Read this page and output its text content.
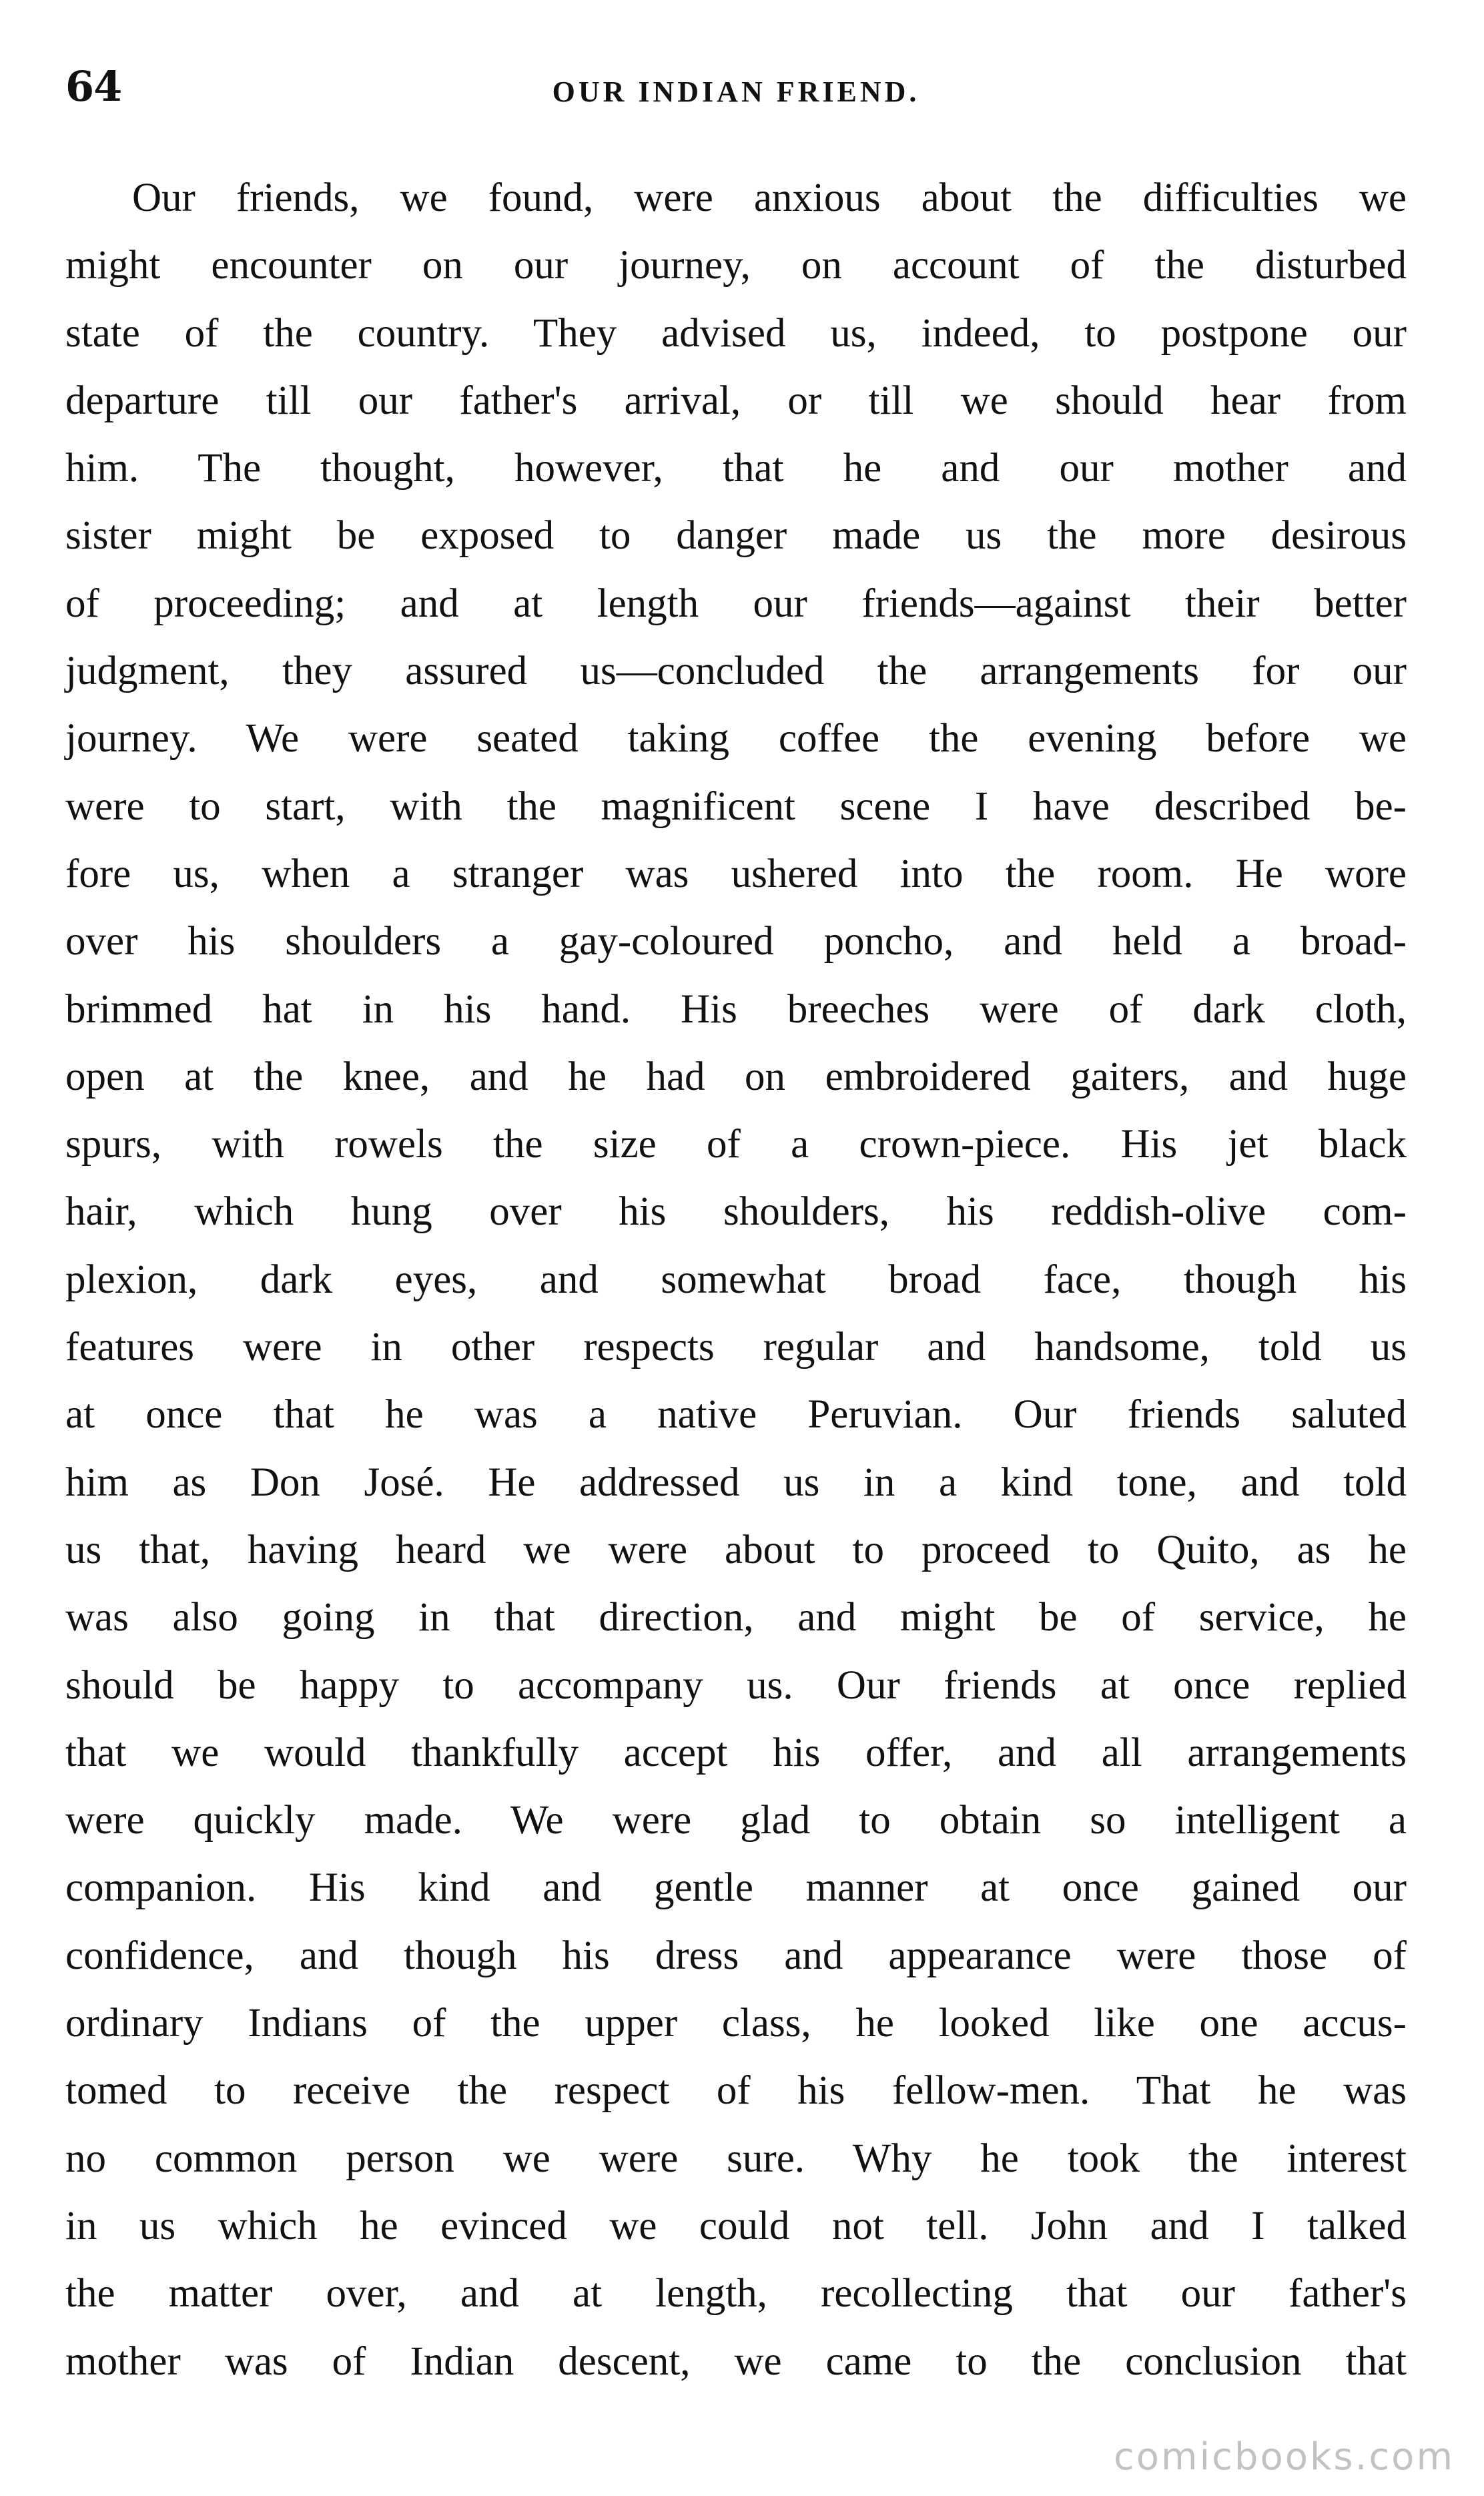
64	OUR INDIAN FRIEND.
Our friends, we found, were anxious about the difficulties we
might encounter on our journey, on account of the disturbed
state of the country. They advised us, indeed, to postpone our
departure till our father's arrival, or till we should hear from
him. The thought, however, that he and our mother and
sister might be exposed to danger made us the more desirous
of proceeding; and at length our friends—against their better
judgment, they assured us—concluded the arrangements for our
journey. We were seated taking coffee the evening before we
were to start, with the magnificent scene I have described be-
fore us, when a stranger was ushered into the room. He wore
over his shoulders a gay-coloured poncho, and held a broad-
brimmed hat in his hand. His breeches were of dark cloth,
open at the knee, and he had on embroidered gaiters, and huge
spurs, with rowels the size of a crown-piece. His jet black
hair, which hung over his shoulders, his reddish-olive com-
plexion, dark eyes, and somewhat broad face, though his
features were in other respects regular and handsome, told us
at once that he was a native Peruvian. Our friends saluted
him as Don José. He addressed us in a kind tone, and told
us that, having heard we were about to proceed to Quito, as he
was also going in that direction, and might be of service, he
should be happy to accompany us. Our friends at once replied
that we would thankfully accept his offer, and all arrangements
were quickly made. We were glad to obtain so intelligent a
companion. His kind and gentle manner at once gained our
confidence, and though his dress and appearance were those of
ordinary Indians of the upper class, he looked like one accus-
tomed to receive the respect of his fellow-men. That he was
no common person we were sure. Why he took the interest
in us which he evinced we could not tell. John and I talked
the matter over, and at length, recollecting that our father's
mother was of Indian descent, we came to the conclusion that
comicbooks.com
